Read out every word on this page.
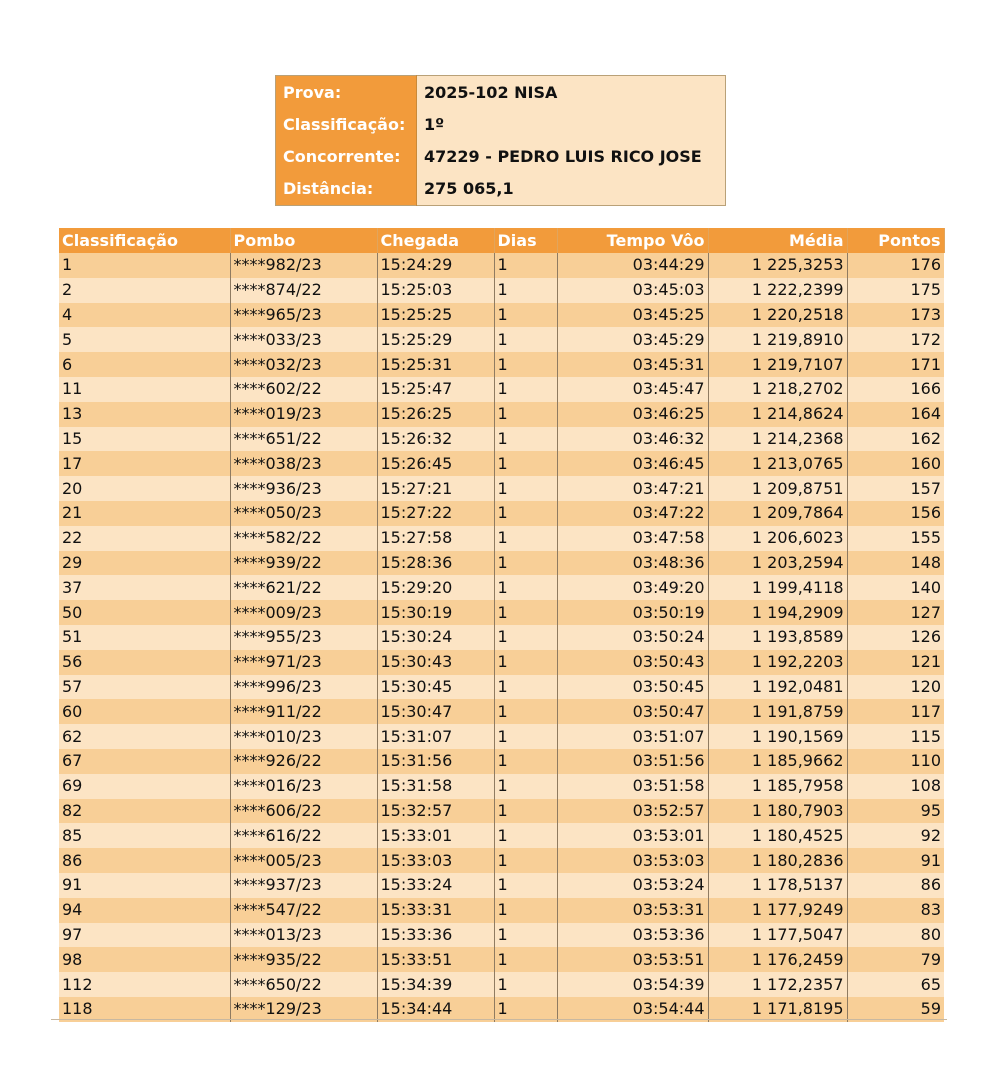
Prova:	2025-102 NISA
Classificação:	1º
Concorrente:	47229 - PEDRO LUIS RICO JOSE
Distância:	275 065,1
Classificação	Pombo	Chegada	Dias	Tempo Vôo	Média	Pontos
1	****982/23	15:24:29	1	03:44:29	1 225,3253	176
2	****874/22	15:25:03	1	03:45:03	1 222,2399	175
4	****965/23	15:25:25	1	03:45:25	1 220,2518	173
5	****033/23	15:25:29	1	03:45:29	1 219,8910	172
6	****032/23	15:25:31	1	03:45:31	1 219,7107	171
11	****602/22	15:25:47	1	03:45:47	1 218,2702	166
13	****019/23	15:26:25	1	03:46:25	1 214,8624	164
15	****651/22	15:26:32	1	03:46:32	1 214,2368	162
17	****038/23	15:26:45	1	03:46:45	1 213,0765	160
20	****936/23	15:27:21	1	03:47:21	1 209,8751	157
21	****050/23	15:27:22	1	03:47:22	1 209,7864	156
22	****582/22	15:27:58	1	03:47:58	1 206,6023	155
29	****939/22	15:28:36	1	03:48:36	1 203,2594	148
37	****621/22	15:29:20	1	03:49:20	1 199,4118	140
50	****009/23	15:30:19	1	03:50:19	1 194,2909	127
51	****955/23	15:30:24	1	03:50:24	1 193,8589	126
56	****971/23	15:30:43	1	03:50:43	1 192,2203	121
57	****996/23	15:30:45	1	03:50:45	1 192,0481	120
60	****911/22	15:30:47	1	03:50:47	1 191,8759	117
62	****010/23	15:31:07	1	03:51:07	1 190,1569	115
67	****926/22	15:31:56	1	03:51:56	1 185,9662	110
69	****016/23	15:31:58	1	03:51:58	1 185,7958	108
82	****606/22	15:32:57	1	03:52:57	1 180,7903	95
85	****616/22	15:33:01	1	03:53:01	1 180,4525	92
86	****005/23	15:33:03	1	03:53:03	1 180,2836	91
91	****937/23	15:33:24	1	03:53:24	1 178,5137	86
94	****547/22	15:33:31	1	03:53:31	1 177,9249	83
97	****013/23	15:33:36	1	03:53:36	1 177,5047	80
98	****935/22	15:33:51	1	03:53:51	1 176,2459	79
112	****650/22	15:34:39	1	03:54:39	1 172,2357	65
118	****129/23	15:34:44	1	03:54:44	1 171,8195	59
